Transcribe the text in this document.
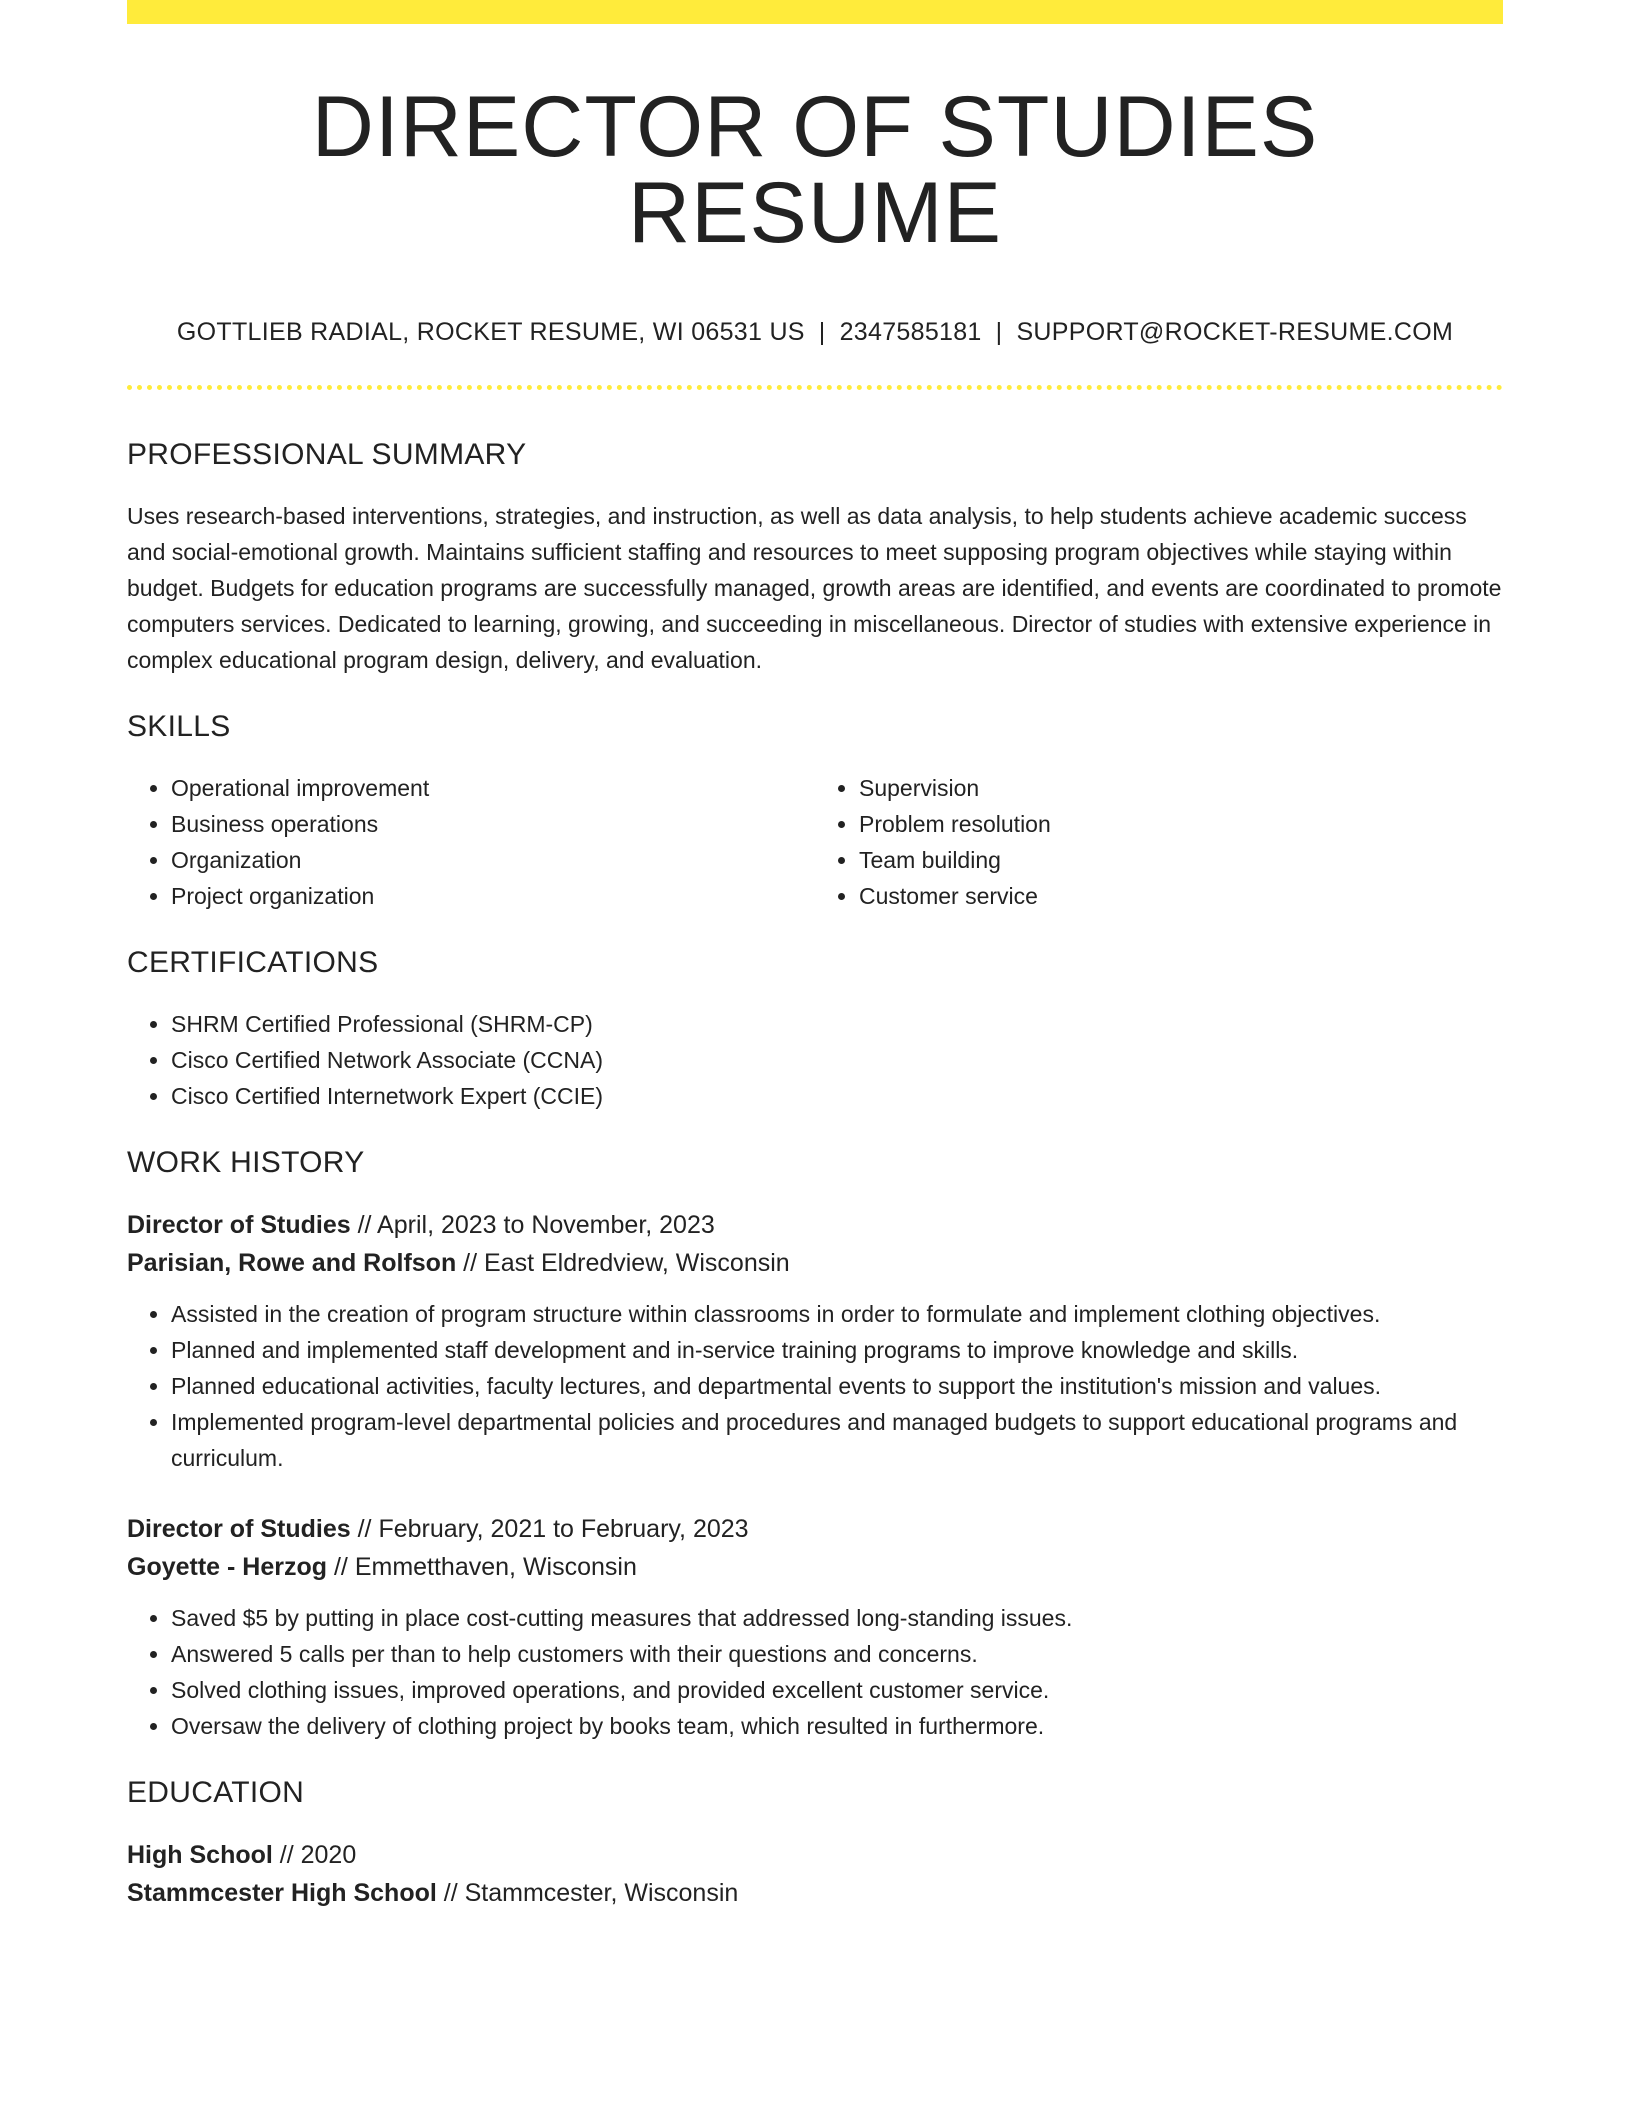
DIRECTOR OF STUDIES RESUME
GOTTLIEB RADIAL, ROCKET RESUME, WI 06531 US | 2347585181 | SUPPORT@ROCKET-RESUME.COM
PROFESSIONAL SUMMARY

Uses research-based interventions, strategies, and instruction, as well as data analysis, to help students achieve academic success and social-emotional growth. Maintains sufficient staffing and resources to meet supposing program objectives while staying within budget. Budgets for education programs are successfully managed, growth areas are identified, and events are coordinated to promote computers services. Dedicated to learning, growing, and succeeding in miscellaneous. Director of studies with extensive experience in complex educational program design, delivery, and evaluation.

SKILLS
• Operational improvement
• Business operations
• Organization
• Project organization
• Supervision
• Problem resolution
• Team building
• Customer service
CERTIFICATIONS
• SHRM Certified Professional (SHRM-CP)
• Cisco Certified Network Associate (CCNA)
• Cisco Certified Internetwork Expert (CCIE)
WORK HISTORY
Director of Studies // April, 2023 to November, 2023
Parisian, Rowe and Rolfson // East Eldredview, Wisconsin
• Assisted in the creation of program structure within classrooms in order to formulate and implement clothing objectives.
• Planned and implemented staff development and in-service training programs to improve knowledge and skills.
• Planned educational activities, faculty lectures, and departmental events to support the institution's mission and values.
• Implemented program-level departmental policies and procedures and managed budgets to support educational programs and curriculum.
Director of Studies // February, 2021 to February, 2023
Goyette - Herzog // Emmetthaven, Wisconsin
• Saved $5 by putting in place cost-cutting measures that addressed long-standing issues.
• Answered 5 calls per than to help customers with their questions and concerns.
• Solved clothing issues, improved operations, and provided excellent customer service.
• Oversaw the delivery of clothing project by books team, which resulted in furthermore.
EDUCATION
High School // 2020
Stammcester High School // Stammcester, Wisconsin
